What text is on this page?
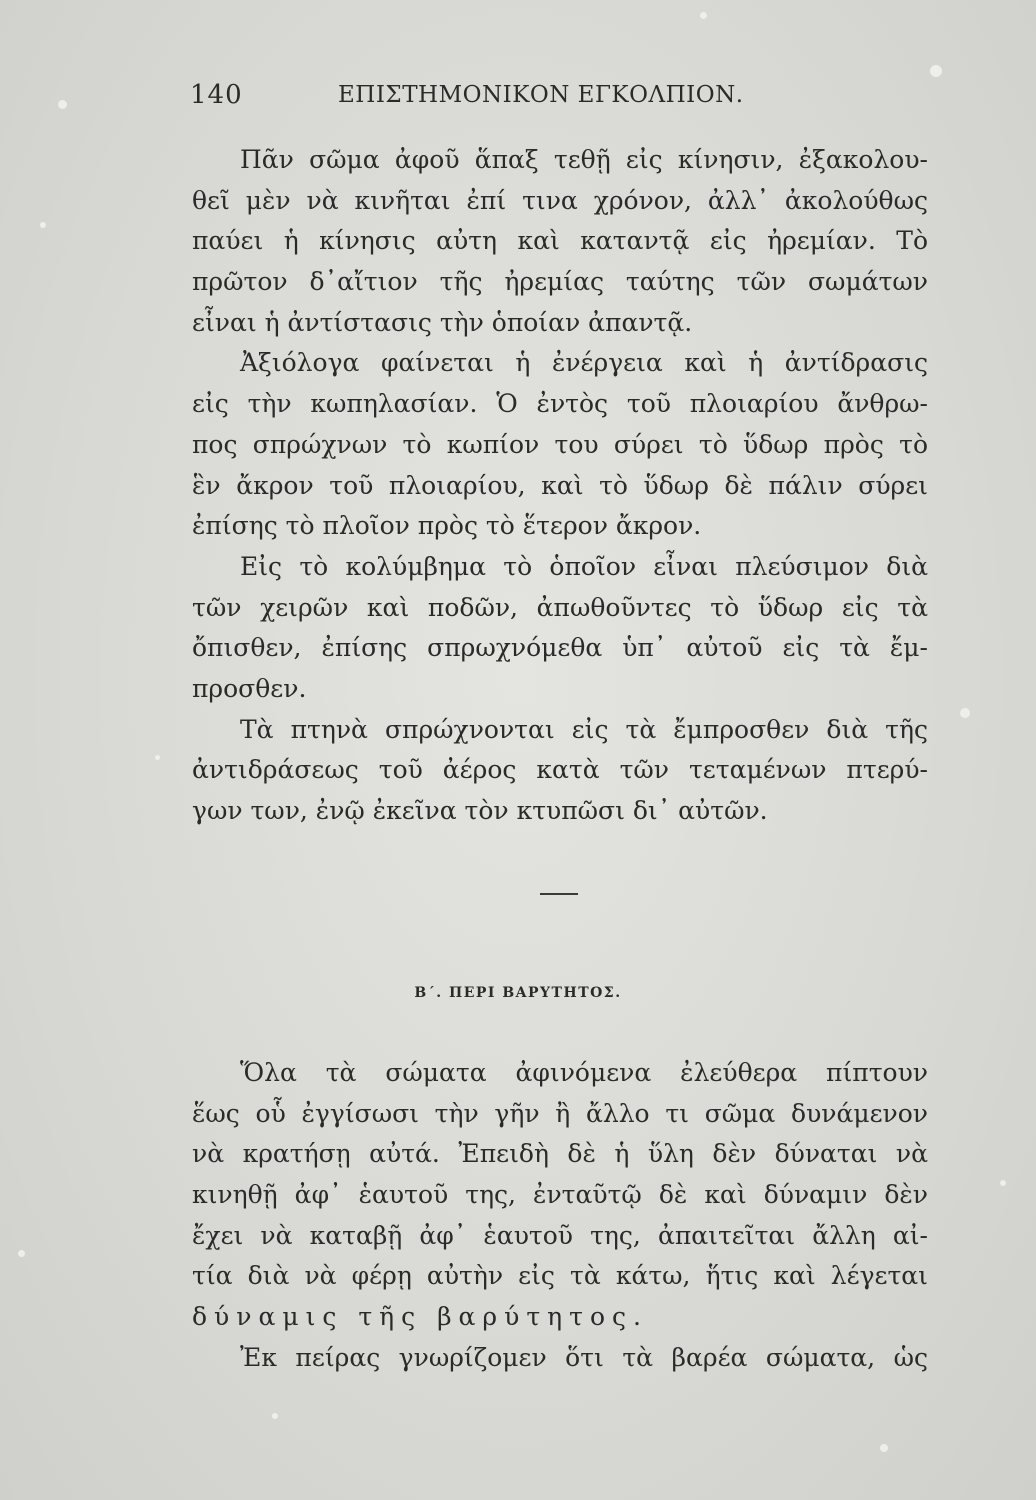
140	ΕΠΙΣΤΗΜΟΝΙΚΟΝ ΕΓΚΟΛΠΙΟΝ.
Πᾶν σῶμα ἀφοῦ ἅπαξ τεθῇ εἰς κίνησιν, ἐξακολου-
θεῖ μὲν νὰ κινῆται ἐπί τινα χρόνον, ἀλλ᾽ ἀκολούθως
παύει ἡ κίνησις αὐτη καὶ καταντᾷ εἰς ἠρεμίαν. Τὸ
πρῶτον δ᾽αἴτιον τῆς ἠρεμίας ταύτης τῶν σωμάτων
εἶναι ἡ ἀντίστασις τὴν ὁποίαν ἀπαντᾷ.
Ἀξιόλογα φαίνεται ἡ ἐνέργεια καὶ ἡ ἀντίδρασις
εἰς τὴν κωπηλασίαν. Ὁ ἐντὸς τοῦ πλοιαρίου ἄνθρω-
πος σπρώχνων τὸ κωπίον του σύρει τὸ ὕδωρ πρὸς τὸ
ἓν ἄκρον τοῦ πλοιαρίου, καὶ τὸ ὕδωρ δὲ πάλιν σύρει
ἐπίσης τὸ πλοῖον πρὸς τὸ ἕτερον ἄκρον.
Εἰς τὸ κολύμβημα τὸ ὁποῖον εἶναι πλεύσιμον διὰ
τῶν χειρῶν καὶ ποδῶν, ἀπωθοῦντες τὸ ὕδωρ εἰς τὰ
ὄπισθεν, ἐπίσης σπρωχνόμεθα ὑπ᾽ αὐτοῦ εἰς τὰ ἔμ-
προσθεν.
Τὰ πτηνὰ σπρώχνονται εἰς τὰ ἔμπροσθεν διὰ τῆς
ἀντιδράσεως τοῦ ἀέρος κατὰ τῶν τεταμένων πτερύ-
γων των, ἐνῷ ἐκεῖνα τὸν κτυπῶσι δι᾽ αὐτῶν.
Β΄. ΠΕΡΙ ΒΑΡΥΤΗΤΟΣ.
Ὅλα τὰ σώματα ἀφινόμενα ἐλεύθερα πίπτουν
ἕως οὗ ἐγγίσωσι τὴν γῆν ἢ ἄλλο τι σῶμα δυνάμενον
νὰ κρατήσῃ αὐτά. Ἐπειδὴ δὲ ἡ ὕλη δὲν δύναται νὰ
κινηθῇ ἀφ᾽ ἑαυτοῦ της, ἐνταῦτῷ δὲ καὶ δύναμιν δὲν
ἔχει νὰ καταβῇ ἀφ᾽ ἑαυτοῦ της, ἀπαιτεῖται ἄλλη αἰ-
τία διὰ νὰ φέρῃ αὐτὴν εἰς τὰ κάτω, ἥτις καὶ λέγεται
δύναμις τῆς βαρύτητος.
Ἐκ πείρας γνωρίζομεν ὅτι τὰ βαρέα σώματα, ὡς
